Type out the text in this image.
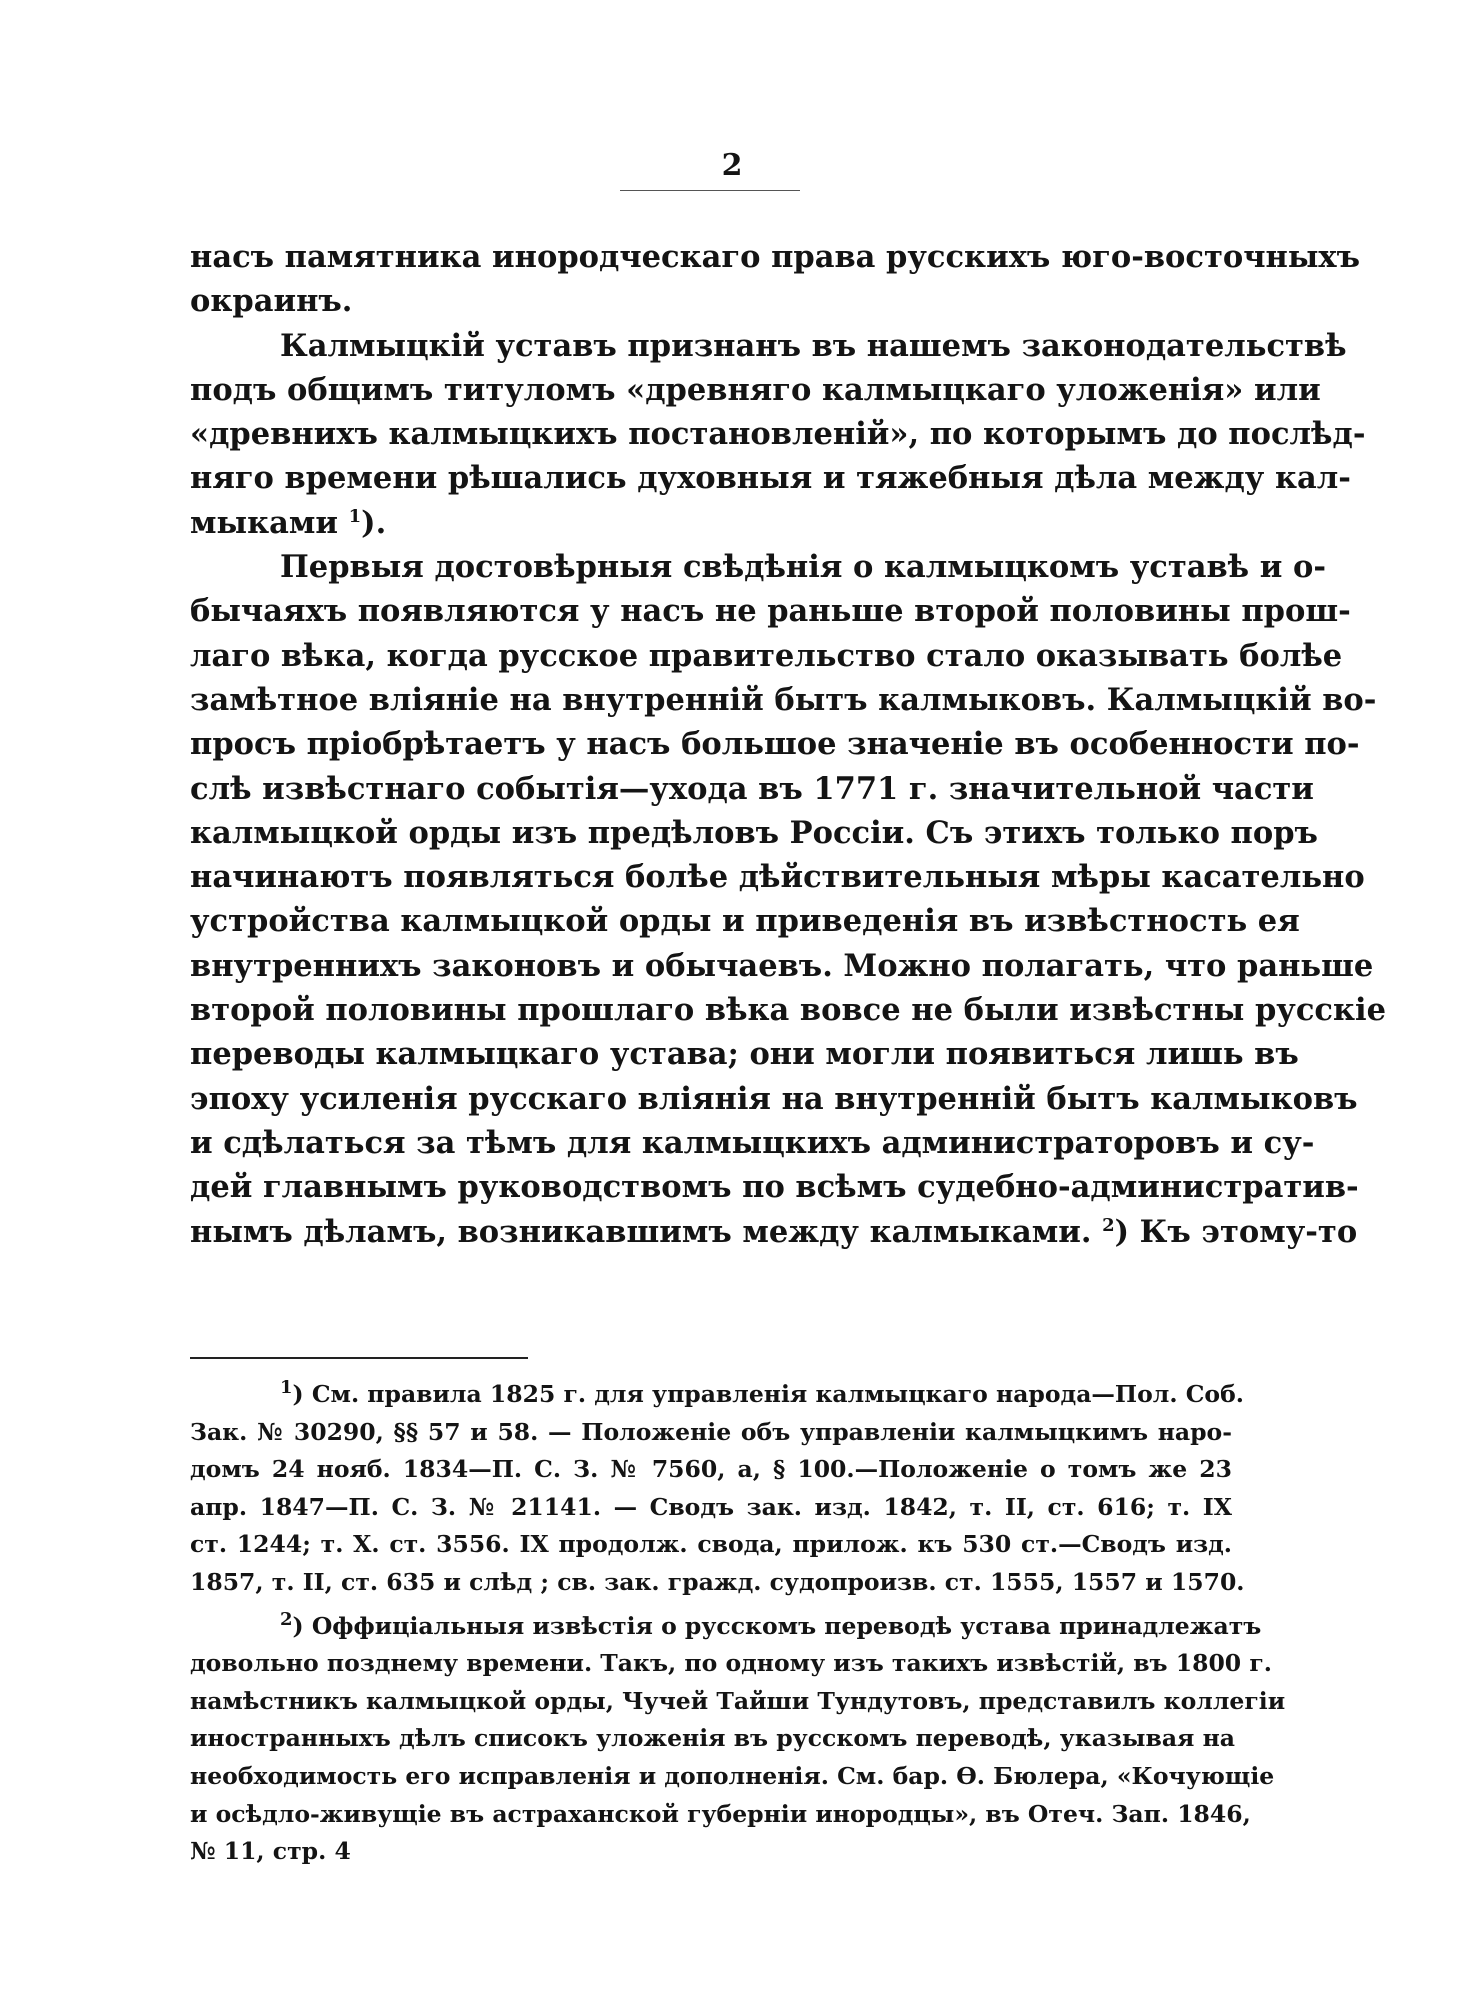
2
насъ памятника инородческаго права русскихъ юго-восточныхъ
окраинъ.
Калмыцкій уставъ признанъ въ нашемъ законодательствѣ
подъ общимъ титуломъ «древняго калмыцкаго уложенія» или
«древнихъ калмыцкихъ постановленій», по которымъ до послѣд-
няго времени рѣшались духовныя и тяжебныя дѣла между кал-
мыками $^1$).
Первыя достовѣрныя свѣдѣнія о калмыцкомъ уставѣ и о-
бычаяхъ появляются у насъ не раньше второй половины прош-
лаго вѣка, когда русское правительство стало оказывать болѣе
замѣтное вліяніе на внутренній бытъ калмыковъ. Калмыцкій во-
просъ пріобрѣтаетъ у насъ большое значеніе въ особенности по-
слѣ извѣстнаго событія—ухода въ 1771 г. значительной части
калмыцкой орды изъ предѣловъ Россіи. Съ этихъ только поръ
начинаютъ появляться болѣе дѣйствительныя мѣры касательно
устройства калмыцкой орды и приведенія въ извѣстность ея
внутреннихъ законовъ и обычаевъ. Можно полагать, что раньше
второй половины прошлаго вѣка вовсе не были извѣстны русскіе
переводы калмыцкаго устава; они могли появиться лишь въ
эпоху усиленія русскаго вліянія на внутренній бытъ калмыковъ
и сдѣлаться за тѣмъ для калмыцкихъ администраторовъ и су-
дей главнымъ руководствомъ по всѣмъ судебно-административ-
нымъ дѣламъ, возникавшимъ между калмыками. $^2$) Къ этому-то
$^1$) См. правила 1825 г. для управленія калмыцкаго народа—Пол. Соб.
Зак. № 30290, §§ 57 и 58. — Положеніе объ управленіи калмыцкимъ наро-
домъ 24 нояб. 1834—П. С. З. № 7560, а, § 100.—Положеніе о томъ же 23
апр. 1847—П. С. З. № 21141. — Сводъ зак. изд. 1842, т. II, ст. 616; т. IX
ст. 1244; т. X. ст. 3556. IX продолж. свода, прилож. къ 530 ст.—Сводъ изд.
1857, т. II, ст. 635 и слѣд ; св. зак. гражд. судопроизв. ст. 1555, 1557 и 1570.
$^2$) Оффиціальныя извѣстія о русскомъ переводѣ устава принадлежатъ
довольно позднему времени. Такъ, по одному изъ такихъ извѣстій, въ 1800 г.
намѣстникъ калмыцкой орды, Чучей Тайши Тундутовъ, представилъ коллегіи
иностранныхъ дѣлъ списокъ уложенія въ русскомъ переводѣ, указывая на
необходимость его исправленія и дополненія. См. бар. Ѳ. Бюлера, «Кочующіе
и осѣдло-живущіе въ астраханской губерніи инородцы», въ Отеч. Зап. 1846,
№ 11, стр. 4
